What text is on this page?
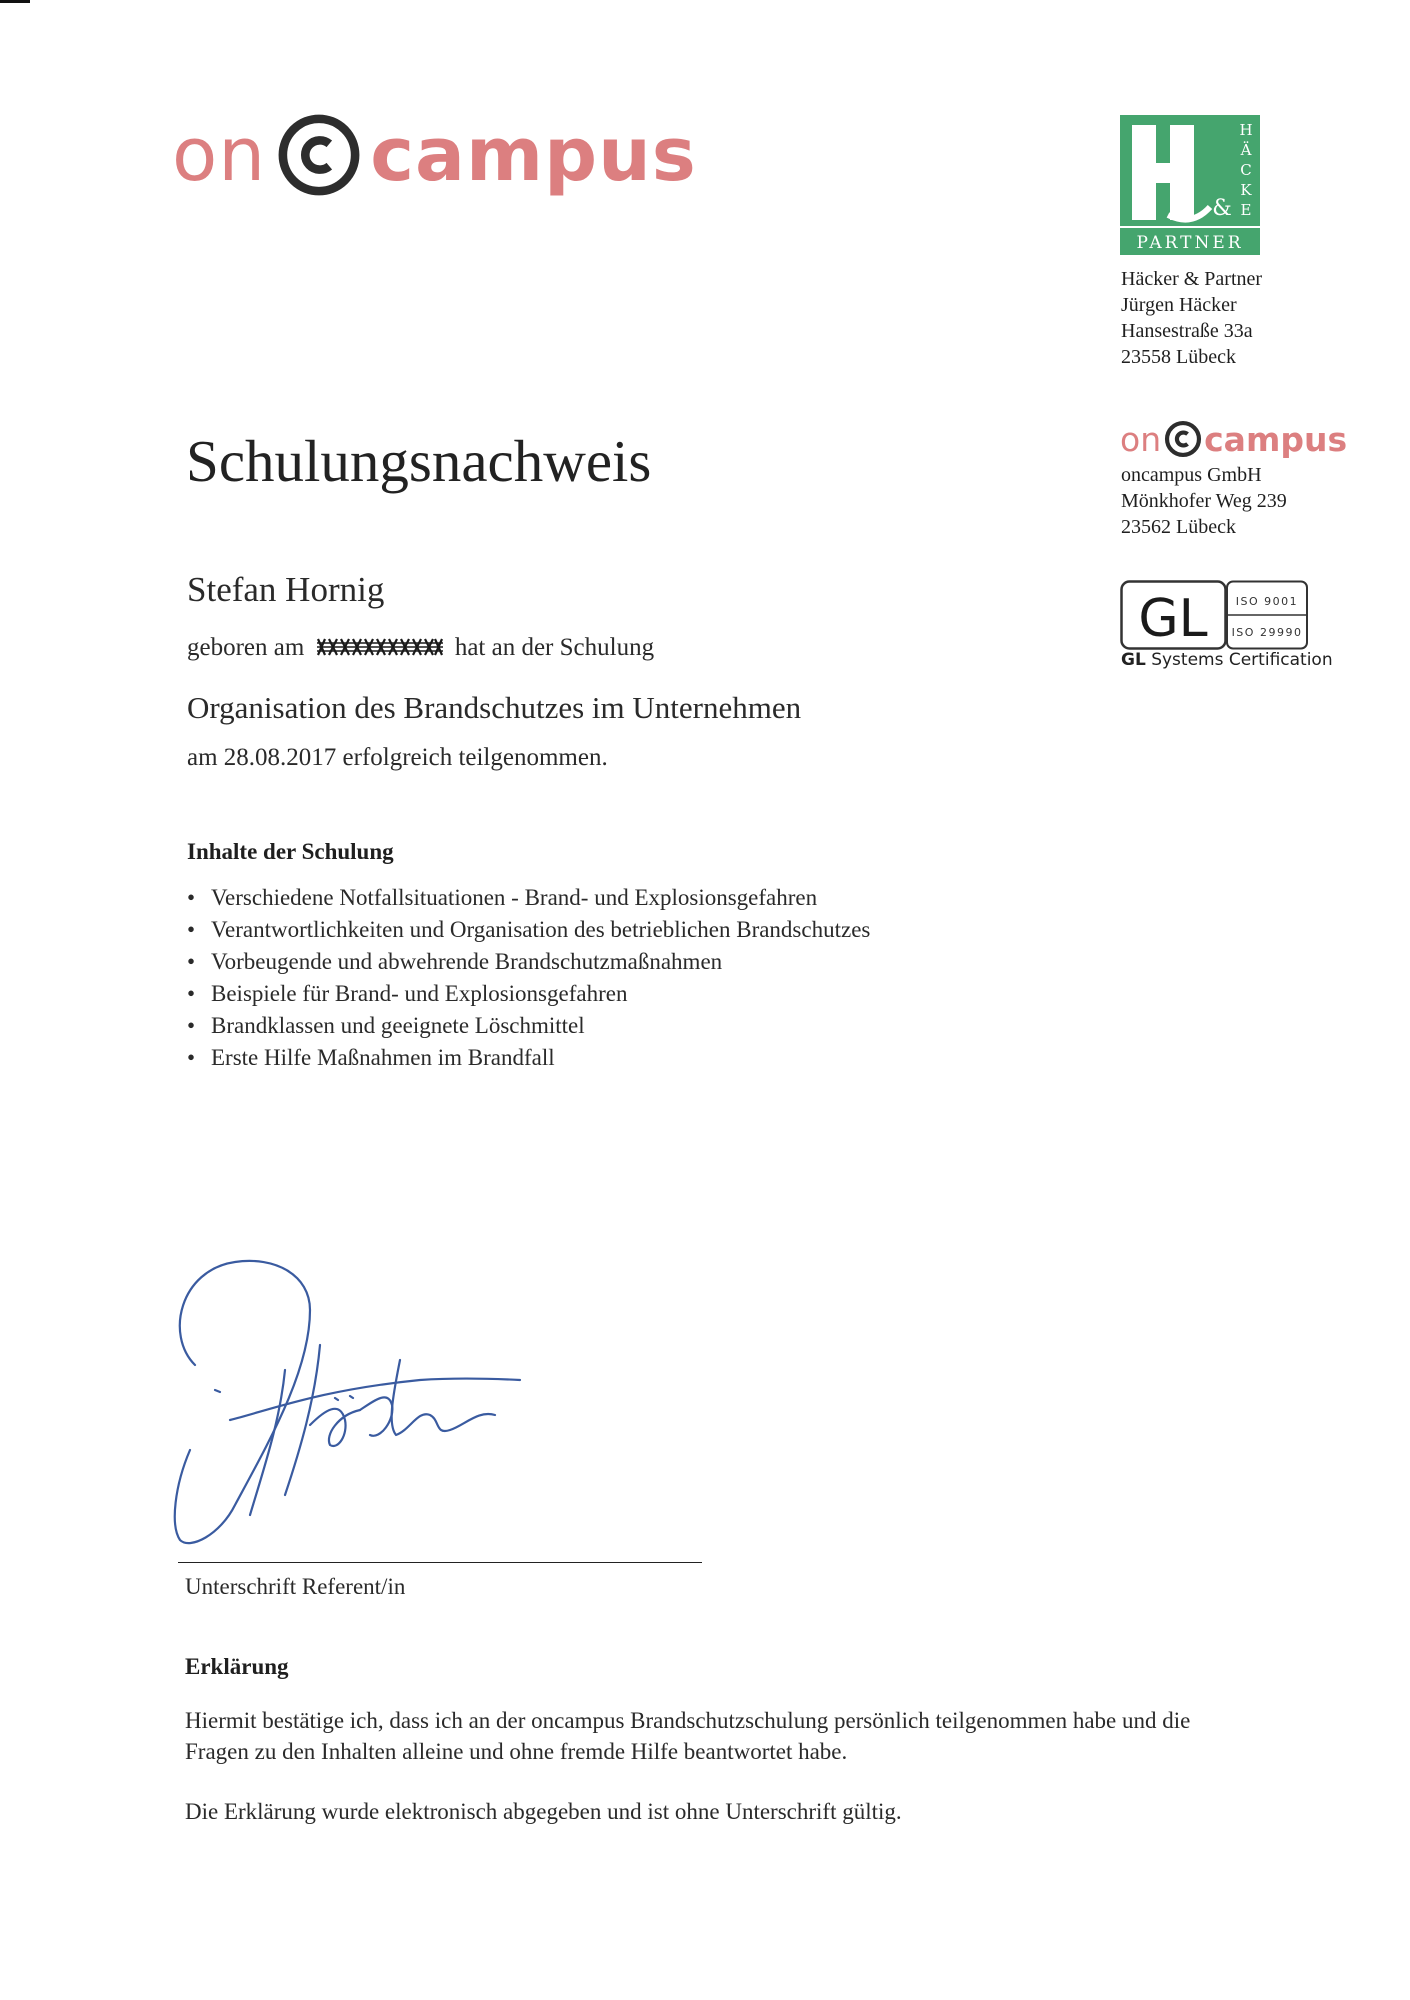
on campus	H
Ä
C
K
E
&
PARTNER
Häcker & Partner
Jürgen Häcker
Hansestraße 33a
23558 Lübeck
on campus
oncampus GmbH
Mönkhofer Weg 239
23562 Lübeck
GL	ISO 9001
ISO 29990
GL Systems Certification
Schulungsnachweis
Stefan Hornig
geboren am	hat an der Schulung
Organisation des Brandschutzes im Unternehmen
am 28.08.2017 erfolgreich teilgenommen.
Inhalte der Schulung
• Verschiedene Notfallsituationen - Brand- und Explosionsgefahren
• Verantwortlichkeiten und Organisation des betrieblichen Brandschutzes
• Vorbeugende und abwehrende Brandschutzmaßnahmen
• Beispiele für Brand- und Explosionsgefahren
• Brandklassen und geeignete Löschmittel
• Erste Hilfe Maßnahmen im Brandfall
Unterschrift Referent/in
Erklärung
Hiermit bestätige ich, dass ich an der oncampus Brandschutzschulung persönlich teilgenommen habe und die Fragen zu den Inhalten alleine und ohne fremde Hilfe beantwortet habe.
Die Erklärung wurde elektronisch abgegeben und ist ohne Unterschrift gültig.
